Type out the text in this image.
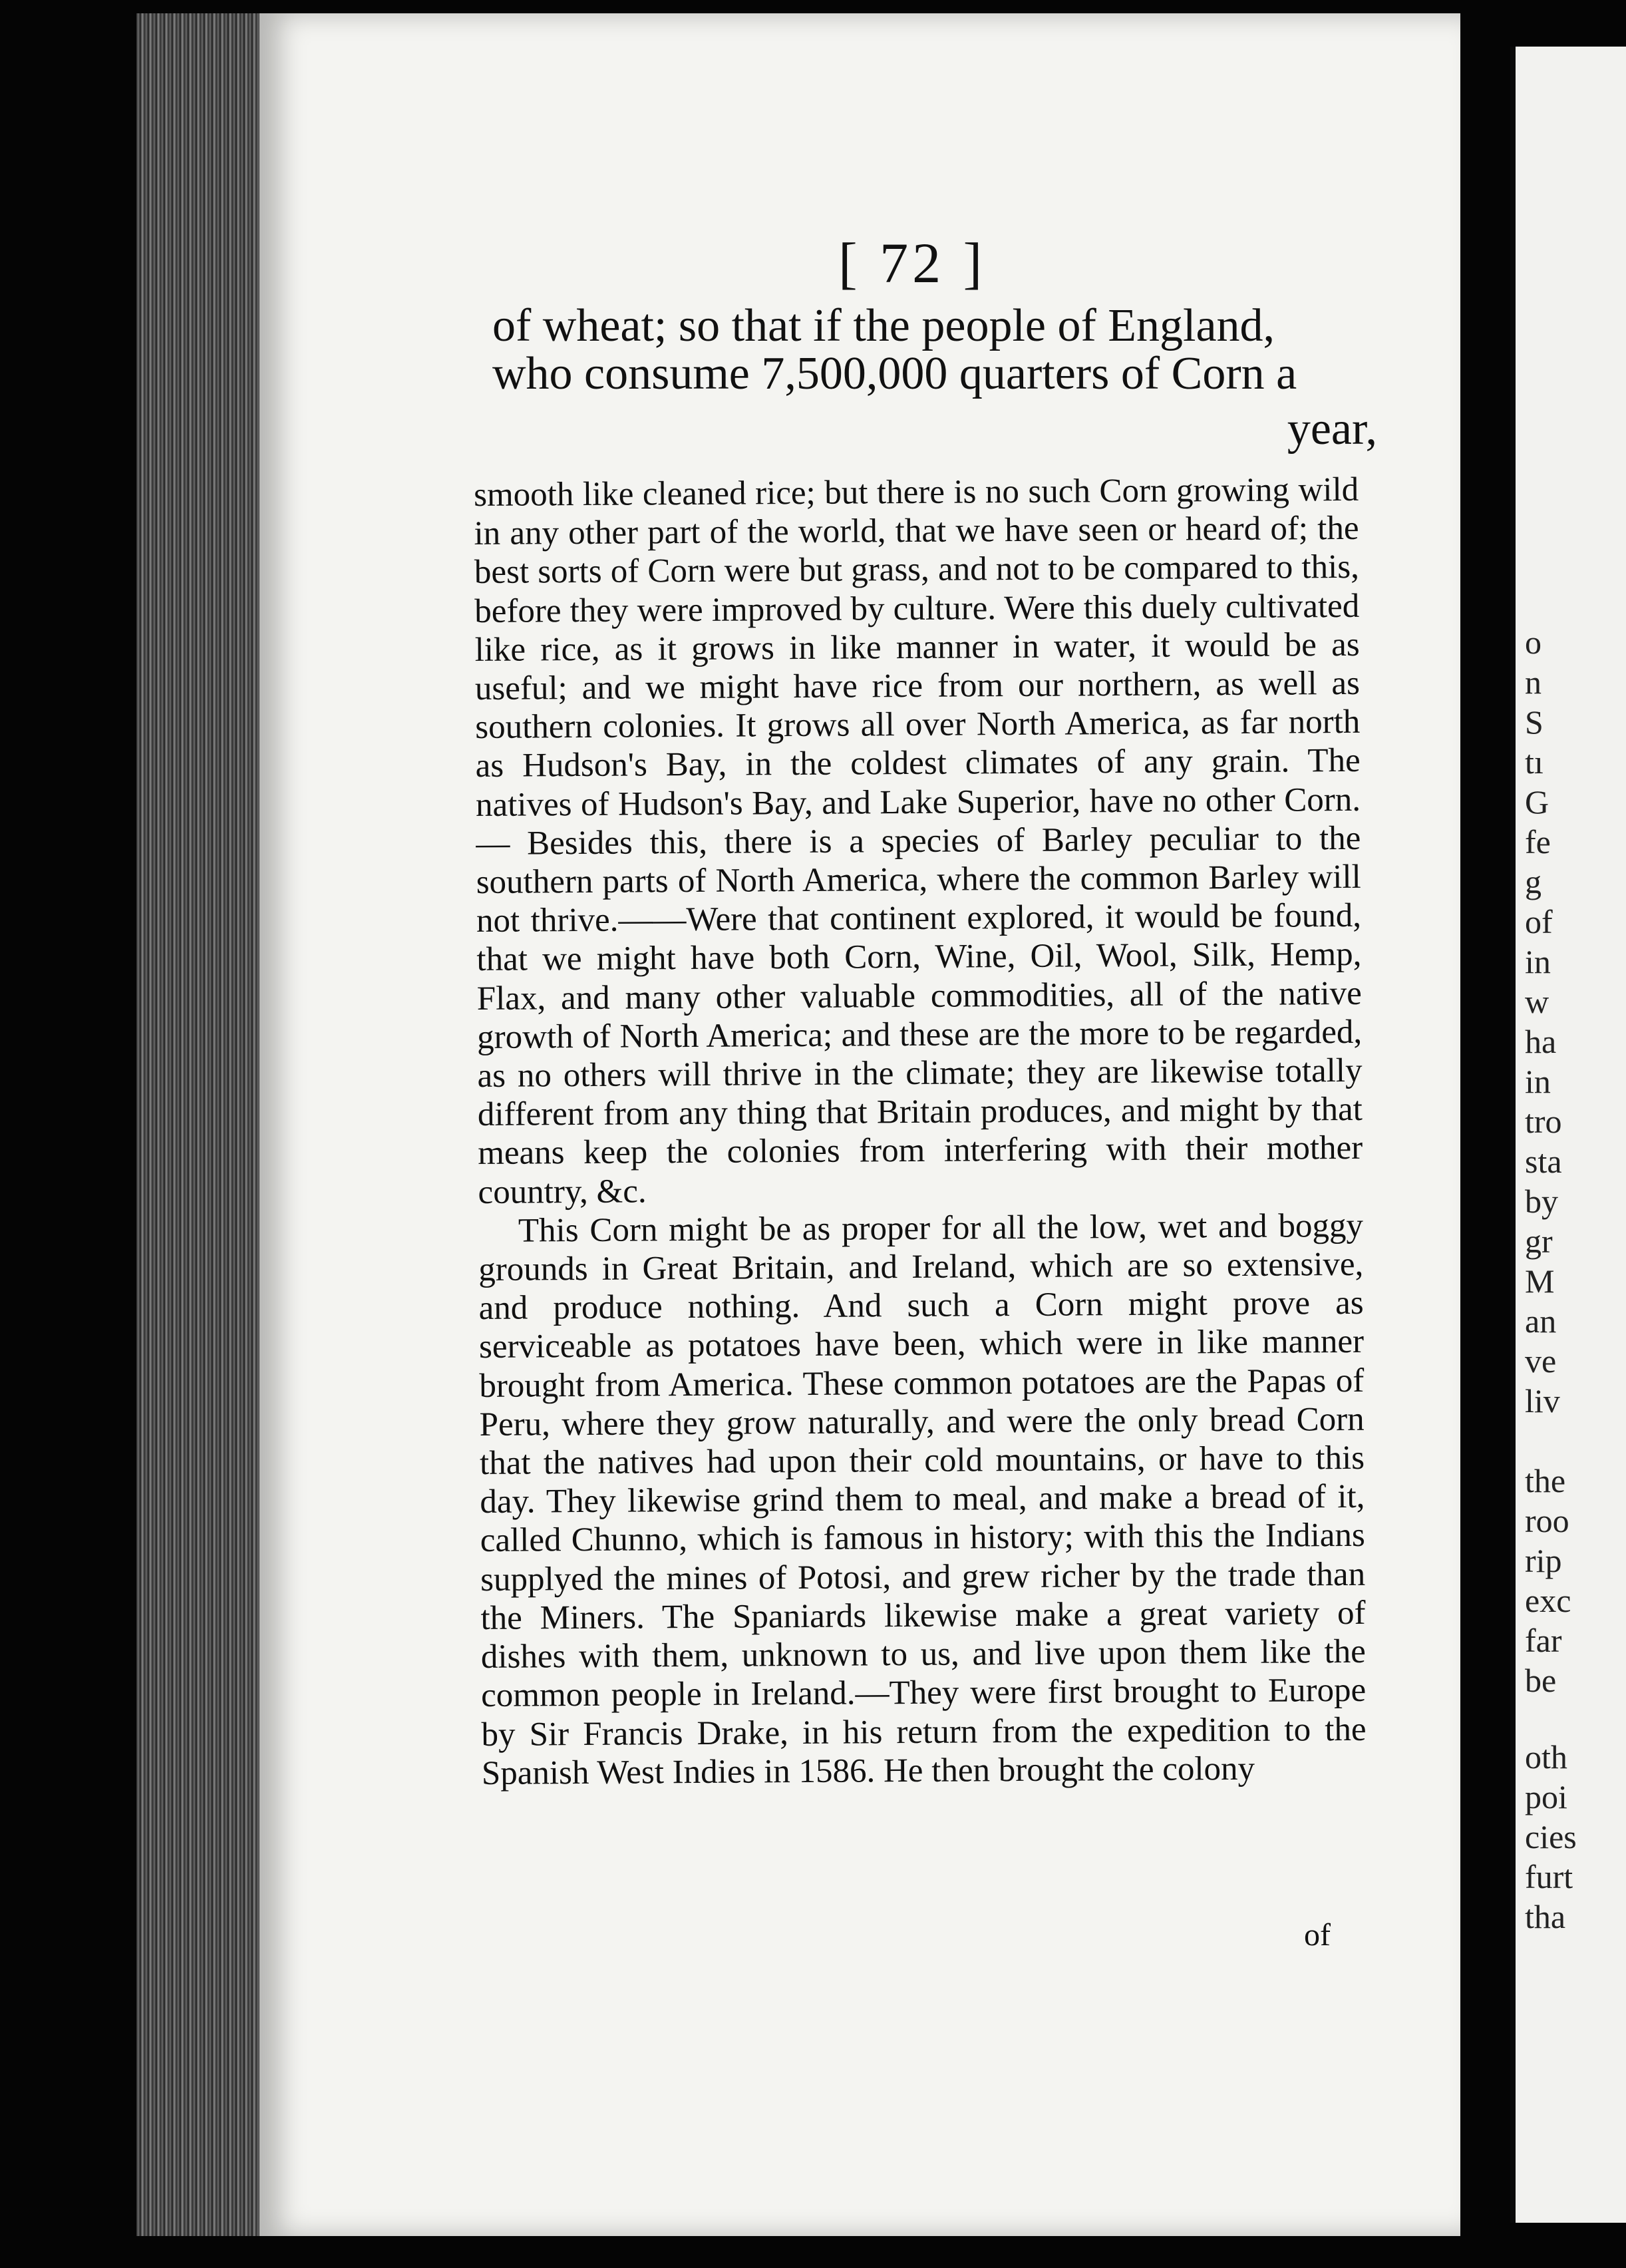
[ 72 ]
of wheat; so that if the people of England,
who consume 7,500,000 quarters of Corn a
year,

smooth like cleaned rice; but there is no such Corn growing wild in any other part of the world, that we have seen or heard of; the best sorts of Corn were but grass, and not to be compared to this, before they were improved by culture. Were this duely cultivated like rice, as it grows in like manner in water, it would be as useful; and we might have rice from our northern, as well as southern colonies. It grows all over North America, as far north as Hudson's Bay, in the coldest climates of any grain. The natives of Hudson's Bay, and Lake Superior, have no other Corn.— Besides this, there is a species of Barley peculiar to the southern parts of North America, where the common Barley will not thrive.——Were that continent explored, it would be found, that we might have both Corn, Wine, Oil, Wool, Silk, Hemp, Flax, and many other valuable commodities, all of the native growth of North America; and these are the more to be regarded, as no others will thrive in the climate; they are likewise totally different from any thing that Britain produces, and might by that means keep the colonies from interfering with their mother country, &c.

This Corn might be as proper for all the low, wet and boggy grounds in Great Britain, and Ireland, which are so extensive, and produce nothing. And such a Corn might prove as serviceable as potatoes have been, which were in like manner brought from America. These common potatoes are the Papas of Peru, where they grow naturally, and were the only bread Corn that the natives had upon their cold mountains, or have to this day. They likewise grind them to meal, and make a bread of it, called Chunno, which is famous in history; with this the Indians supplyed the mines of Potosi, and grew richer by the trade than the Miners. The Spaniards likewise make a great variety of dishes with them, unknown to us, and live upon them like the common people in Ireland.—They were first brought to Europe by Sir Francis Drake, in his return from the expedition to the Spanish West Indies in 1586. He then brought the colony

of
o
n
S
tı
G
fe
g
of
in
w
ha
in
tro
sta
by
gr
M
an
ve
liv
the
roo
rip
exc
far
be
oth
poi
cies
furt
tha
